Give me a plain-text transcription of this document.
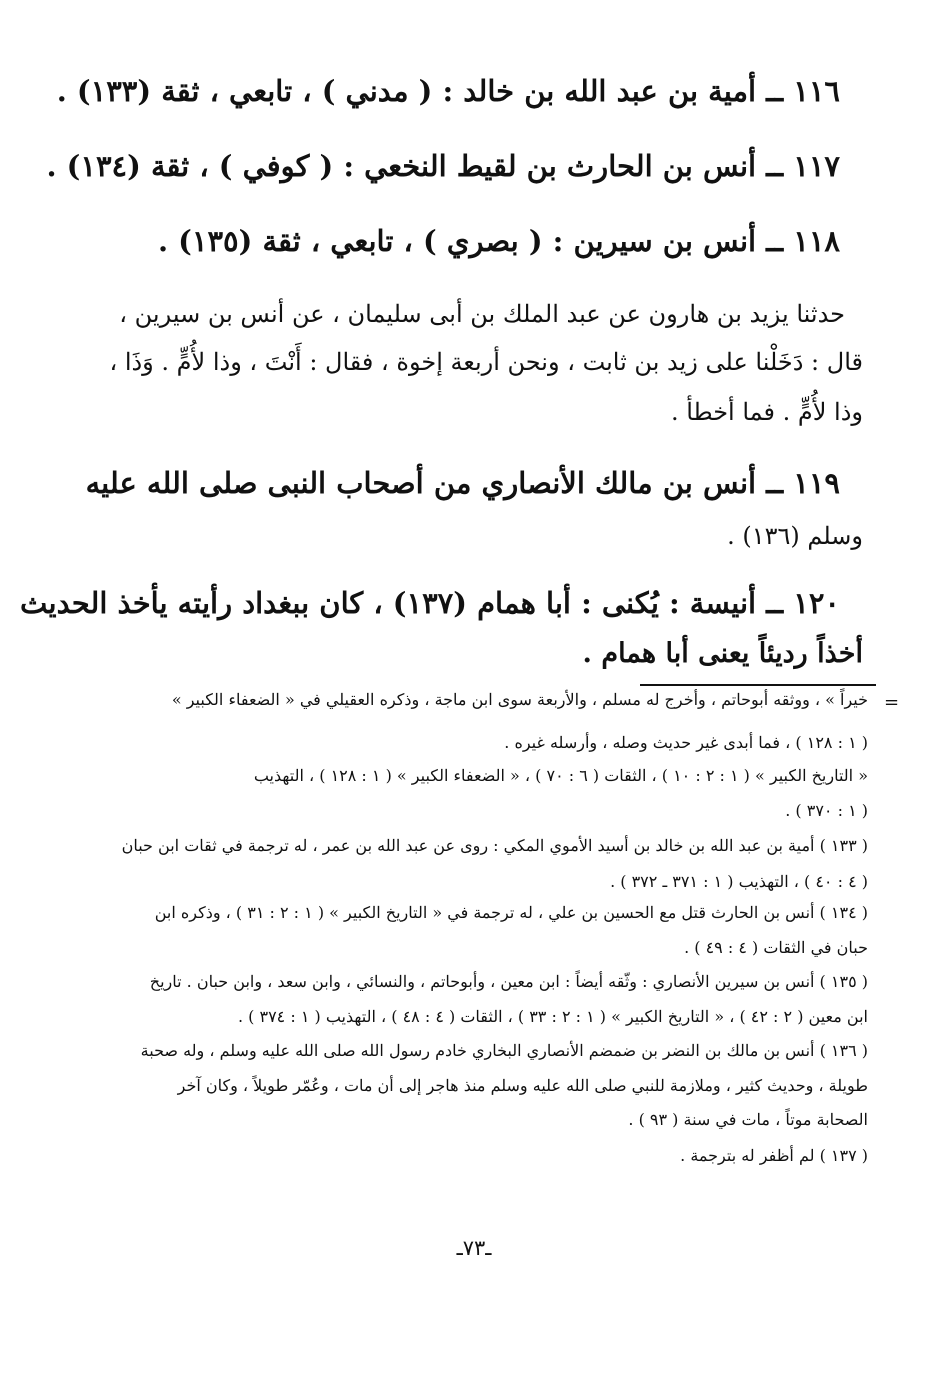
١١٦ ــ أمية بن عبد الله بن خالد : ( مدني ) ، تابعي ، ثقة (١٣٣) .

١١٧ ــ أنس بن الحارث بن لقيط النخعي : ( كوفي ) ، ثقة (١٣٤) .

١١٨ ــ أنس بن سيرين : ( بصري ) ، تابعي ، ثقة (١٣٥) .

حدثنا يزيد بن هارون عن عبد الملك بن أبى سليمان ، عن أنس بن سيرين ،

قال : دَخَلْنا على زيد بن ثابت ، ونحن أربعة إخوة ، فقال : أَنْتَ ، وذا لأُمٍّ . وَذَا ،

وذا لأُمٍّ . فما أخطأ .

١١٩ ــ أنس بن مالك الأنصاري من أصحاب النبى صلى الله عليه

وسلم (١٣٦) .

١٢٠ ــ أنيسة : يُكنى : أبا همام (١٣٧) ، كان ببغداد رأيته يأخذ الحديث

أخذاً رديئاً يعنى أبا همام .

=

خيراً » ، ووثقه أبوحاتم ، وأخرج له مسلم ، والأربعة سوى ابن ماجة ، وذكره العقيلي في « الضعفاء الكبير »

( ١ : ١٢٨ ) ، فما أبدى غير حديث وصله ، وأرسله غيره .

« التاريخ الكبير » ( ١ : ٢ : ١٠ ) ، الثقات ( ٦ : ٧٠ ) ، « الضعفاء الكبير » ( ١ : ١٢٨ ) ، التهذيب

( ١ : ٣٧٠ ) .

( ١٣٣ ) أمية بن عبد الله بن خالد بن أسيد الأموي المكي : روى عن عبد الله بن عمر ، له ترجمة في ثقات ابن حبان

( ٤ : ٤٠ ) ، التهذيب ( ١ : ٣٧١ ـ ٣٧٢ ) .

( ١٣٤ ) أنس بن الحارث قتل مع الحسين بن علي ، له ترجمة في « التاريخ الكبير » ( ١ : ٢ : ٣١ ) ، وذكره ابن

حبان في الثقات ( ٤ : ٤٩ ) .

( ١٣٥ ) أنس بن سيرين الأنصاري : وثّقه أيضاً : ابن معين ، وأبوحاتم ، والنسائي ، وابن سعد ، وابن حبان . تاريخ

ابن معين ( ٢ : ٤٢ ) ، « التاريخ الكبير » ( ١ : ٢ : ٣٣ ) ، الثقات ( ٤ : ٤٨ ) ، التهذيب ( ١ : ٣٧٤ ) .

( ١٣٦ ) أنس بن مالك بن النضر بن ضمضم الأنصاري البخاري خادم رسول الله صلى الله عليه وسلم ، وله صحبة

طويلة ، وحديث كثير ، وملازمة للنبي صلى الله عليه وسلم منذ هاجر إلى أن مات ، وعُمّر طويلاً ، وكان آخر

الصحابة موتاً ، مات في سنة ( ٩٣ ) .

( ١٣٧ ) لم أظفر له بترجمة .

ـ٧٣ـ
